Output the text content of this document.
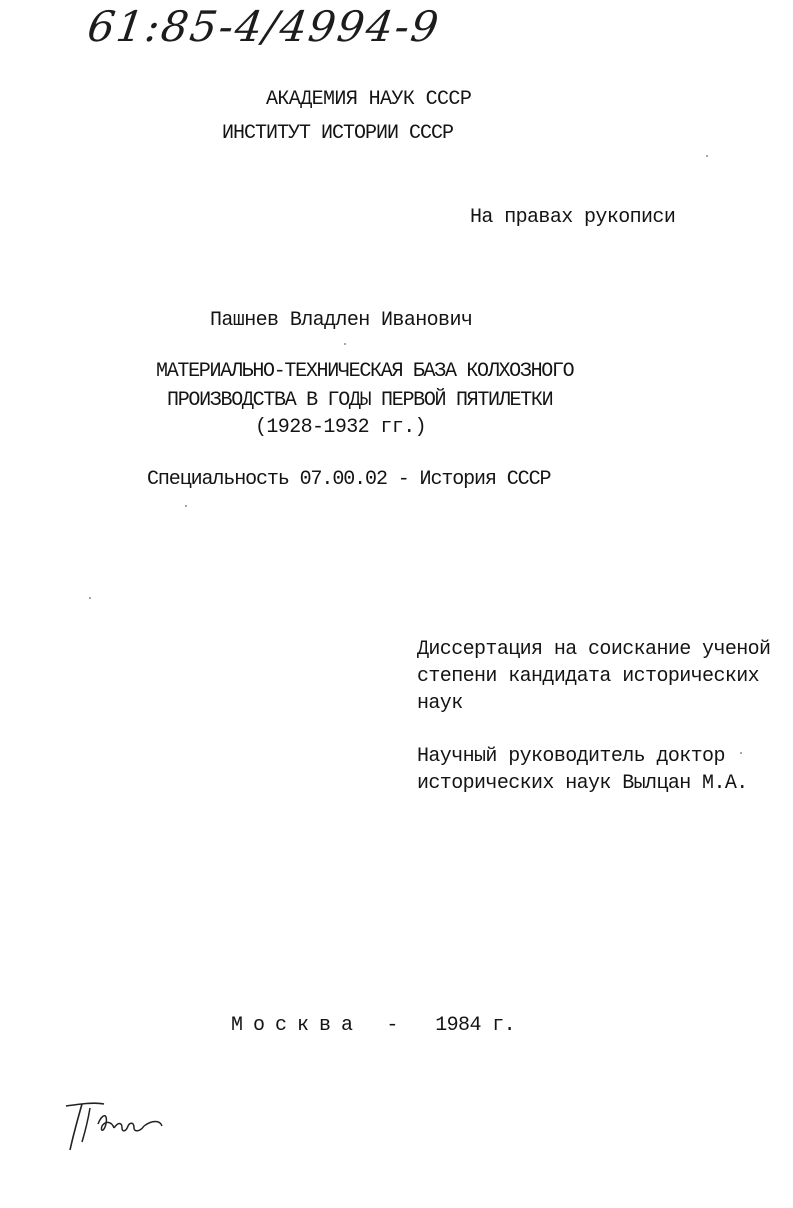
61:85-4/4994-9
АКАДЕМИЯ НАУК СССР
ИНСТИТУТ ИСТОРИИ СССР
На правах рукописи
Пашнев Владлен Иванович
МАТЕРИАЛЬНО-ТЕХНИЧЕСКАЯ БАЗА КОЛХОЗНОГО
ПРОИЗВОДСТВА В ГОДЫ ПЕРВОЙ ПЯТИЛЕТКИ
(1928-1932 гг.)
Специальность 07.00.02 - История СССР
Диссертация на соискание ученой
степени кандидата исторических
наук
Научный руководитель доктор
исторических наук Вылцан М.А.
Москва - 1984 г.
